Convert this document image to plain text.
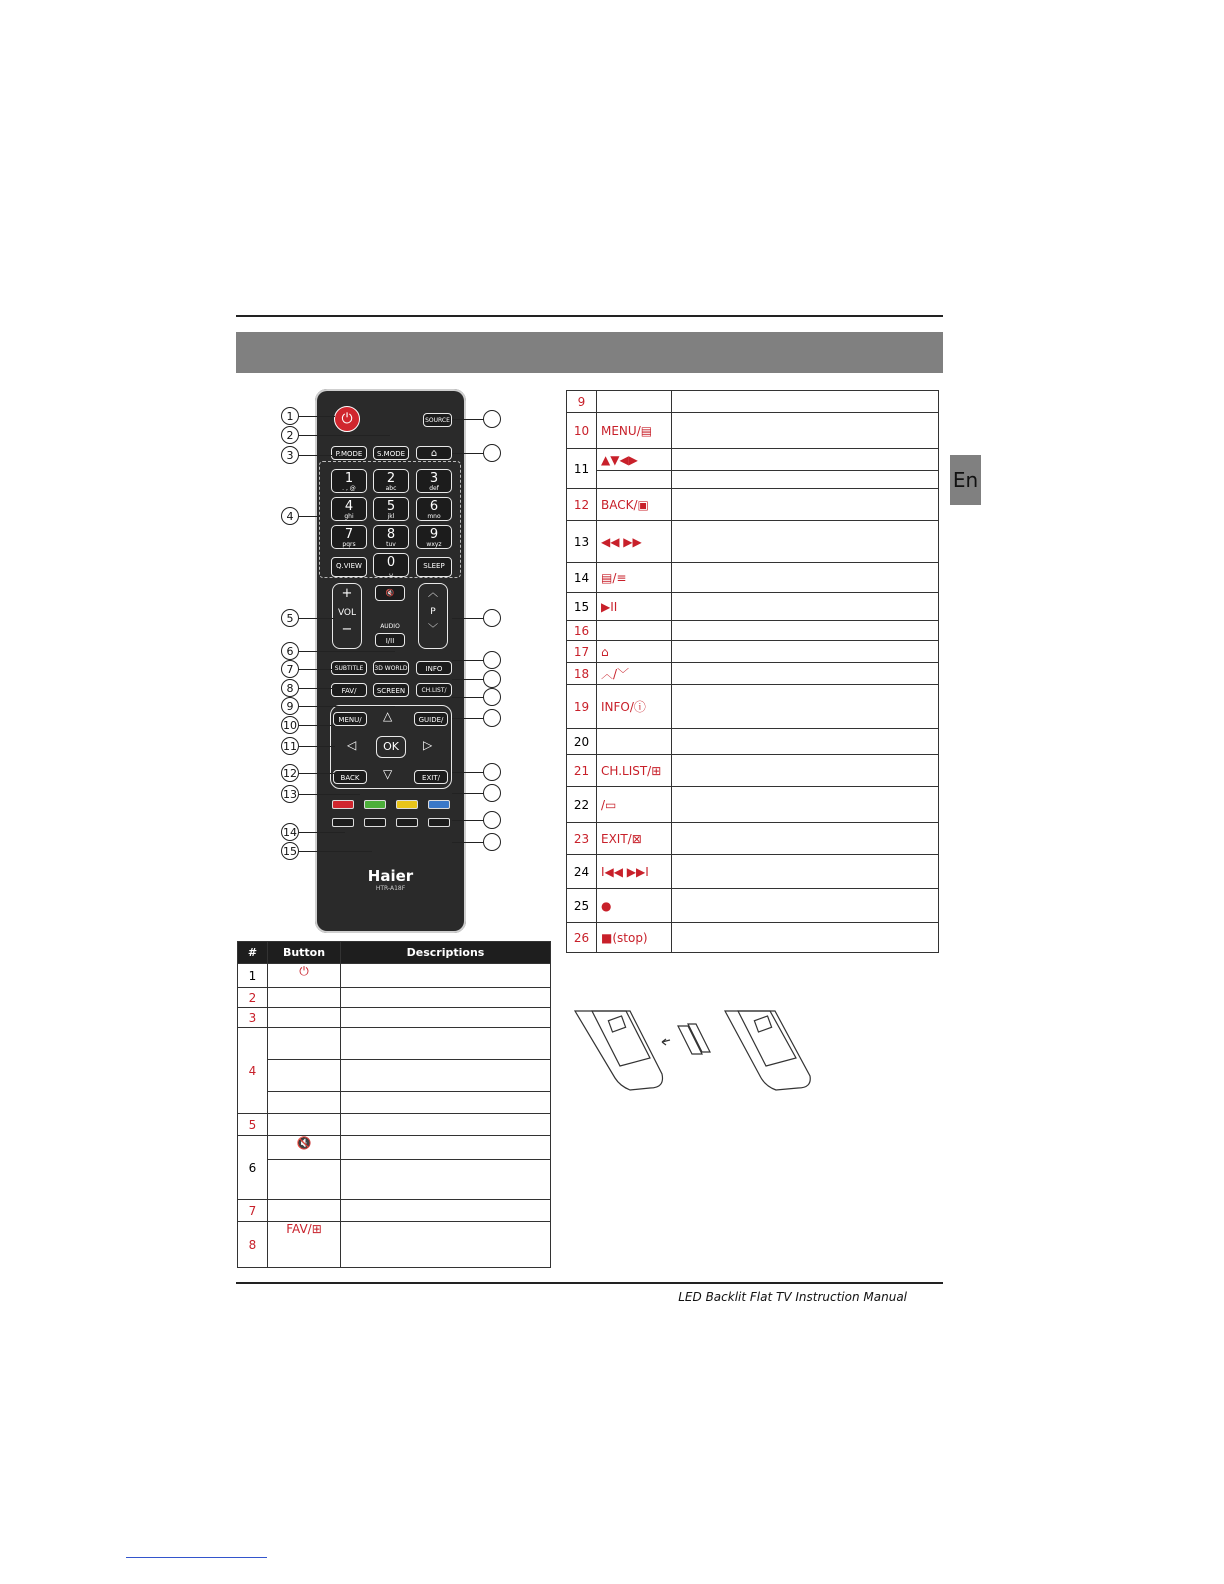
En
⏻	SOURCE
P.MODE	S.MODE	⌂
1
. , @
2
abc
3
def
4
ghi
5
jkl
6
mno
7
pqrs
8
tuv
9
wxyz
Q.VIEW	0
␣
SLEEP
+
VOL
−
🔇
AUDIO
I/II
︿
P
﹀
SUBTITLE	3D WORLD	INFO
FAV/	SCREEN	CH.LIST/
MENU/	GUIDE/
△
◁	▷
▽
OK
BACK	EXIT/
Haier
HTR-A18F
1
2
3
4
5
6
7
8
9
10
11
12
13
14
15
#	Button	Descriptions
1	⏻	
2		
3		
4		

5		
6	🔇	

7		
8	FAV/⊞	
9		
10	MENU/▤	
11	▲▼◀▶	

12	BACK/▣	
13	◀◀ ▶▶	
14	▤/≡	
15	▶II	
16		
17	⌂	
18	︿/﹀	
19	INFO/ⓘ	
20		
21	CH.LIST/⊞	
22	/▭	
23	EXIT/⊠	
24	I◀◀ ▶▶I	
25	●	
26	■(stop)	
LED Backlit Flat TV Instruction Manual
